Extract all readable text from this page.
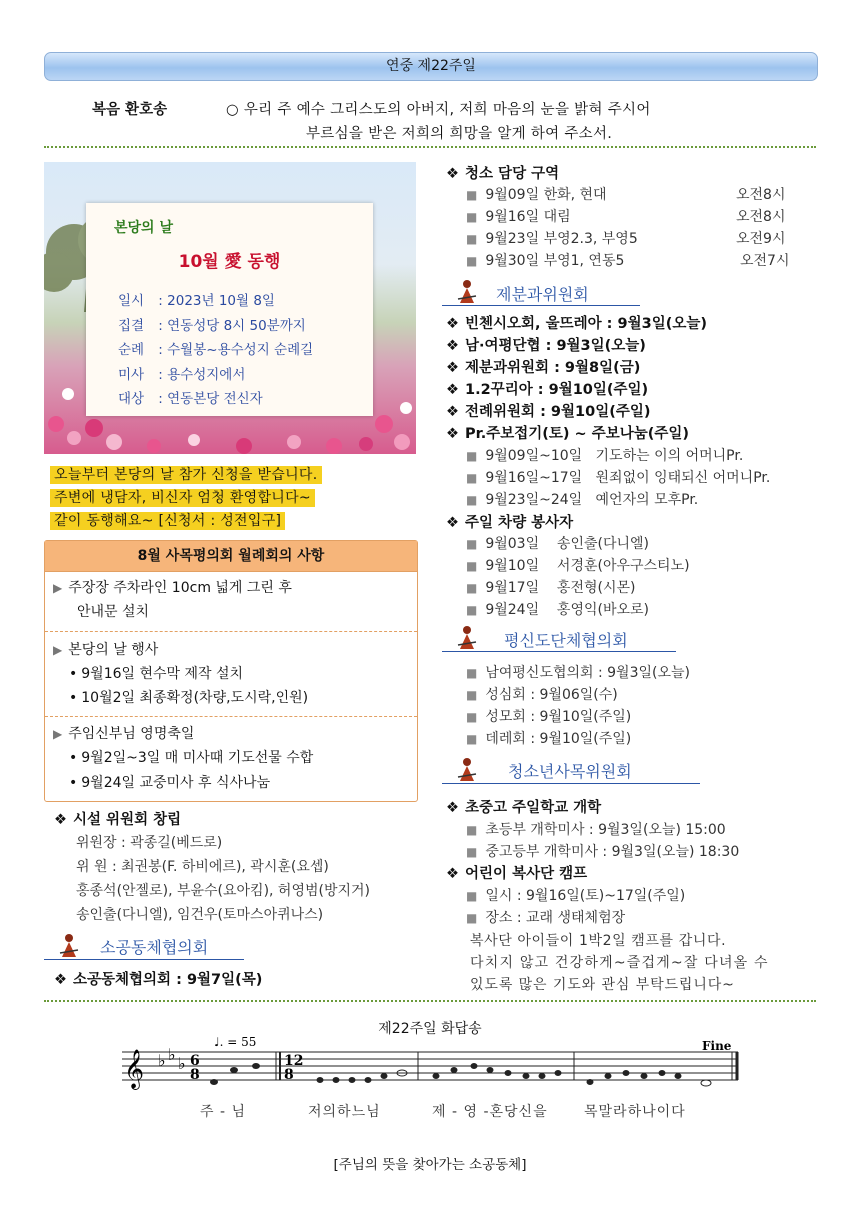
연중 제22주일
복음 환호송	○ 우리 주 예수 그리스도의 아버지, 저희 마음의 눈을 밝혀 주시어
부르심을 받은 저희의 희망을 알게 하여 주소서.
본당의 날
10월 愛 동행
일시 : 2023년 10월 8일
집결 : 연동성당 8시 50분까지
순례 : 수월봉~용수성지 순례길
미사 : 용수성지에서
대상 : 연동본당 전신자
오늘부터 본당의 날 참가 신청을 받습니다.
주변에 냉담자, 비신자 엄청 환영합니다~
같이 동행해요~ [신청서 : 성전입구]
8월 사목평의회 월례회의 사항
▶ 주장장 주차라인 10cm 넓게 그린 후
안내문 설치
▶ 본당의 날 행사
• 9월16일 현수막 제작 설치
• 10월2일 최종확정(차량,도시락,인원)
▶ 주임신부님 영명축일
• 9월2일~3일 매 미사때 기도선물 수합
• 9월24일 교중미사 후 식사나눔
❖ 시설 위원회 창립
위원장 : 곽종길(베드로)
위 원 : 최권봉(F. 하비에르), 곽시훈(요셉)
홍종석(안젤로), 부윤수(요아킴), 허영범(방지거)
송인출(다니엘), 임건우(토마스아퀴나스)
소공동체협의회
❖ 소공동체협의회 : 9월7일(목)
❖ 청소 담당 구역
■ 9월09일 한화, 현대	오전8시
■ 9월16일 대림	오전8시
■ 9월23일 부영2.3, 부영5	오전9시
■ 9월30일 부영1, 연동5	오전7시
제분과위원회
❖ 빈첸시오회, 울뜨레아 : 9월3일(오늘)
❖ 남·여평단협 : 9월3일(오늘)
❖ 제분과위원회 : 9월8일(금)
❖ 1.2꾸리아 : 9월10일(주일)
❖ 전례위원회 : 9월10일(주일)
❖ Pr.주보접기(토) ~ 주보나눔(주일)
■ 9월09일~10일   기도하는 이의 어머니Pr.
■ 9월16일~17일   원죄없이 잉태되신 어머니Pr.
■ 9월23일~24일   예언자의 모후Pr.
❖ 주일 차량 봉사자
■ 9월03일    송인출(다니엘)
■ 9월10일    서경훈(아우구스티노)
■ 9월17일    홍전형(시몬)
■ 9월24일    홍영익(바오로)
평신도단체협의회
■ 남여평신도협의회 : 9월3일(오늘)
■ 성심회 : 9월06일(수)
■ 성모회 : 9월10일(주일)
■ 데레회 : 9월10일(주일)
청소년사목위원회
❖ 초중고 주일학교 개학
■ 초등부 개학미사 : 9월3일(오늘) 15:00
■ 중고등부 개학미사 : 9월3일(오늘) 18:30
❖ 어린이 복사단 캠프
■ 일시 : 9월16일(토)~17일(주일)
■ 장소 : 교래 생태체험장
복사단 아이들이 1박2일 캠프를 갑니다.
다치지 않고 건강하게~즐겁게~잘 다녀올 수
있도록 많은 기도와 관심 부탁드립니다~
제22주일 화답송
𝄞 ♭ ♭ ♭ 6
8
12
8
♩. = 55	Fine
주 - 님	저의하느님	제 - 영 -혼당신을	목말라하나이다
[주님의 뜻을 찾아가는 소공동체]
